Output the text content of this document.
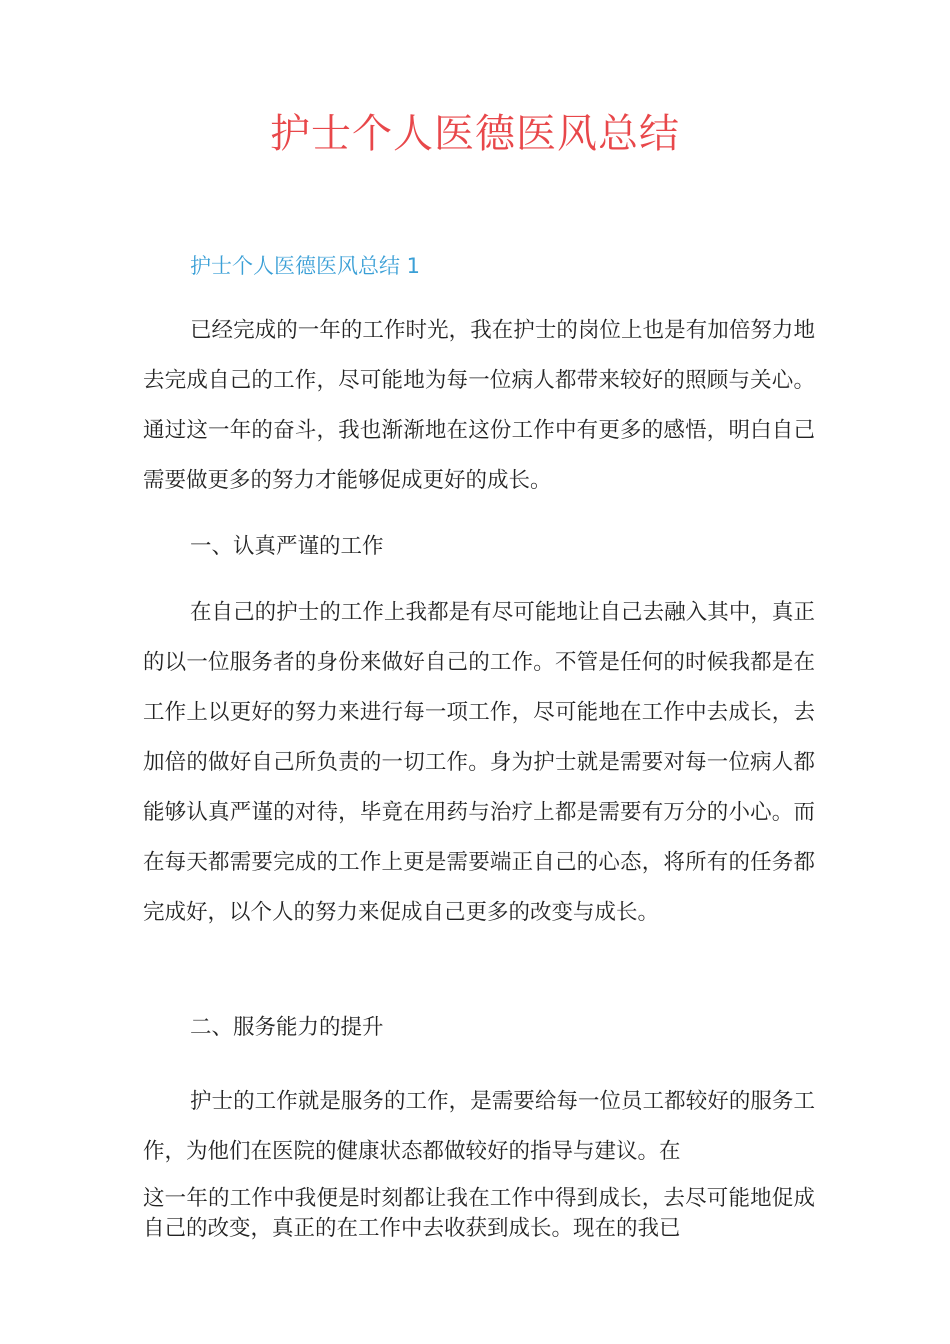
护士个人医德医风总结
护士个人医德医风总结 1

已经完成的一年的工作时光，我在护士的岗位上也是有加倍努力地去完成自己的工作，尽可能地为每一位病人都带来较好的照顾与关心。通过这一年的奋斗，我也渐渐地在这份工作中有更多的感悟，明白自己需要做更多的努力才能够促成更好的成长。

一、认真严谨的工作

在自己的护士的工作上我都是有尽可能地让自己去融入其中，真正的以一位服务者的身份来做好自己的工作。不管是任何的时候我都是在工作上以更好的努力来进行每一项工作，尽可能地在工作中去成长，去加倍的做好自己所负责的一切工作。身为护士就是需要对每一位病人都能够认真严谨的对待，毕竟在用药与治疗上都是需要有万分的小心。而在每天都需要完成的工作上更是需要端正自己的心态，将所有的任务都完成好，以个人的努力来促成自己更多的改变与成长。

二、服务能力的提升

护士的工作就是服务的工作，是需要给每一位员工都较好的服务工作，为他们在医院的健康状态都做较好的指导与建议。在

这一年的工作中我便是时刻都让我在工作中得到成长，去尽可能地促成自己的改变，真正的在工作中去收获到成长。现在的我已
